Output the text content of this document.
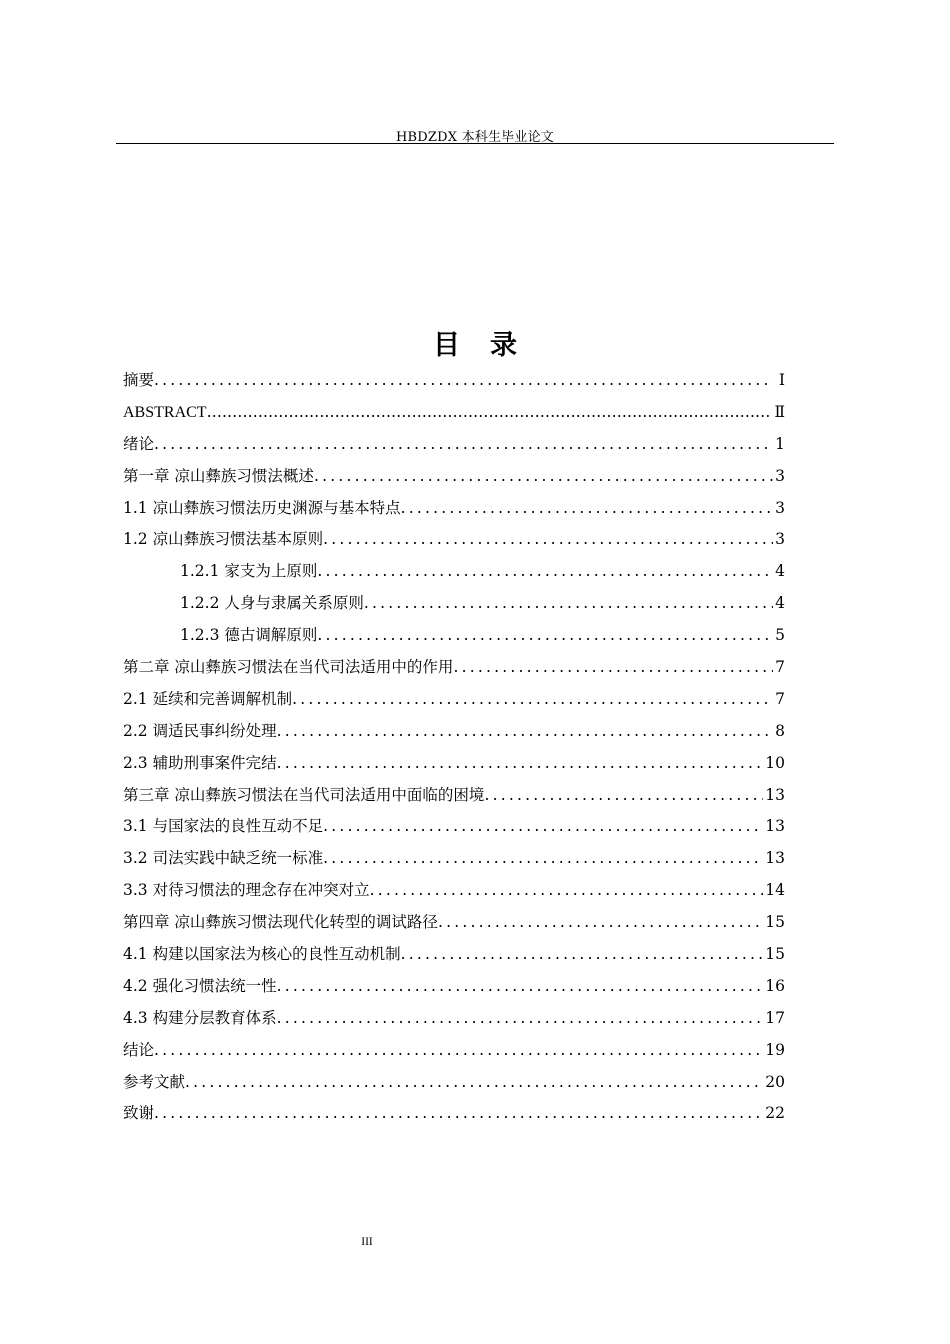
HBDZDX 本科生毕业论文
目 录
摘要 .....	Ⅰ
ABSTRACT .....	Ⅱ
绪论 .....	1
第一章 凉山彝族习惯法概述 .....	3
1.1 凉山彝族习惯法历史渊源与基本特点 .....	3
1.2 凉山彝族习惯法基本原则 .....	3
1.2.1 家支为上原则 .....	4
1.2.2 人身与隶属关系原则 .....	4
1.2.3 德古调解原则 .....	5
第二章 凉山彝族习惯法在当代司法适用中的作用 .....	7
2.1 延续和完善调解机制 .....	7
2.2 调适民事纠纷处理 .....	8
2.3 辅助刑事案件完结 .....	10
第三章 凉山彝族习惯法在当代司法适用中面临的困境 .....	13
3.1 与国家法的良性互动不足 .....	13
3.2 司法实践中缺乏统一标准 .....	13
3.3 对待习惯法的理念存在冲突对立 .....	14
第四章 凉山彝族习惯法现代化转型的调试路径 .....	15
4.1 构建以国家法为核心的良性互动机制 .....	15
4.2 强化习惯法统一性 .....	16
4.3 构建分层教育体系 .....	17
结论 .....	19
参考文献 .....	20
致谢 .....	22
III
